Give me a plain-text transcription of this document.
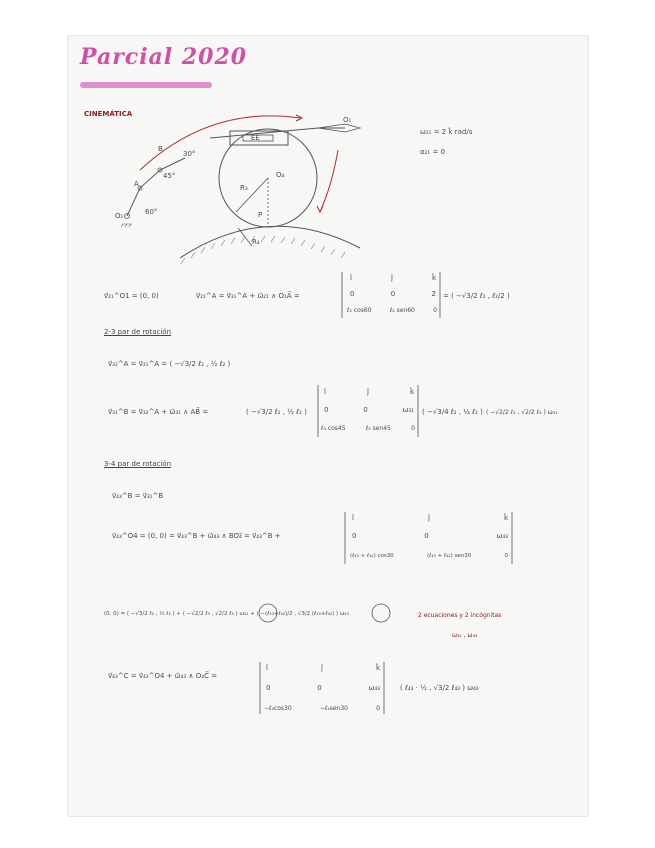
Parcial 2020
CINEMÁTICA
B
30°
45°
A
60°
O₁
O₁
O₄
R₃
P
R₄
EE
ω₂₁ = 2 k̂ rad/s
α₂₁ = 0
v⃗₂₁^O1 = (0, 0)	v⃗₂₁^A = v⃗₃₁^A + ω⃗₂₁ ∧ O₁A⃗ =
î	ĵ	k̂
0	0	2
ℓ₂ cos60	ℓ₂ sen60	0
= ( −√3/2 ℓ₂ , ℓ₂/2 )
2-3 par de rotación
v⃗₃₂^A = v⃗₂₁^A = ( −√3/2 ℓ₂ , ½ ℓ₂ )
v⃗₃₁^B = v⃗₃₂^A + ω⃗₃₁ ∧ AB⃗ =	( −√3/2 ℓ₂ , ½ ℓ₂ )
î	ĵ	k̂
0	0	ω₃₁
ℓ₃ cos45	ℓ₃ sen45	0
( −√3/4 ℓ₂ , ¼ ℓ₂ ) ( −√2/2 ℓ₃ , √2/2 ℓ₃ ) ω₃₁
3-4 par de rotación
v⃗₄₃^B = v⃗₃₁^B
v⃗₄₃^O4 = (0, 0) = v⃗₄₃^B + ω⃗₄₃ ∧ BO₄⃗ = v⃗₄₃^B +
î	ĵ	k̂
0	0	ω₄₃
(ℓ₄₃ + ℓ₄₂) cos30	(ℓ₄₃ + ℓ₄₂) sen30	0
(0, 0) = ( −√3/2 ℓ₂ , ½ ℓ₂ ) + ( −√2/2 ℓ₃ , √2/2 ℓ₃ ) ω₃₁ + ( −(ℓ₄₃+ℓ₄₂)/2 , √3/2 (ℓ₄₃+ℓ₄₂) ) ω₄₃	2 ecuaciones y 2 incógnitas
ω₃₁ , ω₄₃
v⃗₄₃^C = v⃗₄₃^O4 + ω⃗₄₃ ∧ O₄C⃗ =
î	ĵ	k̂
0	0	ω₄₃
−ℓ₄cos30	−ℓ₄sen30	0
( ℓ₄₃ · ½ , √3/2 ℓ₄₃ ) ω₄₃
